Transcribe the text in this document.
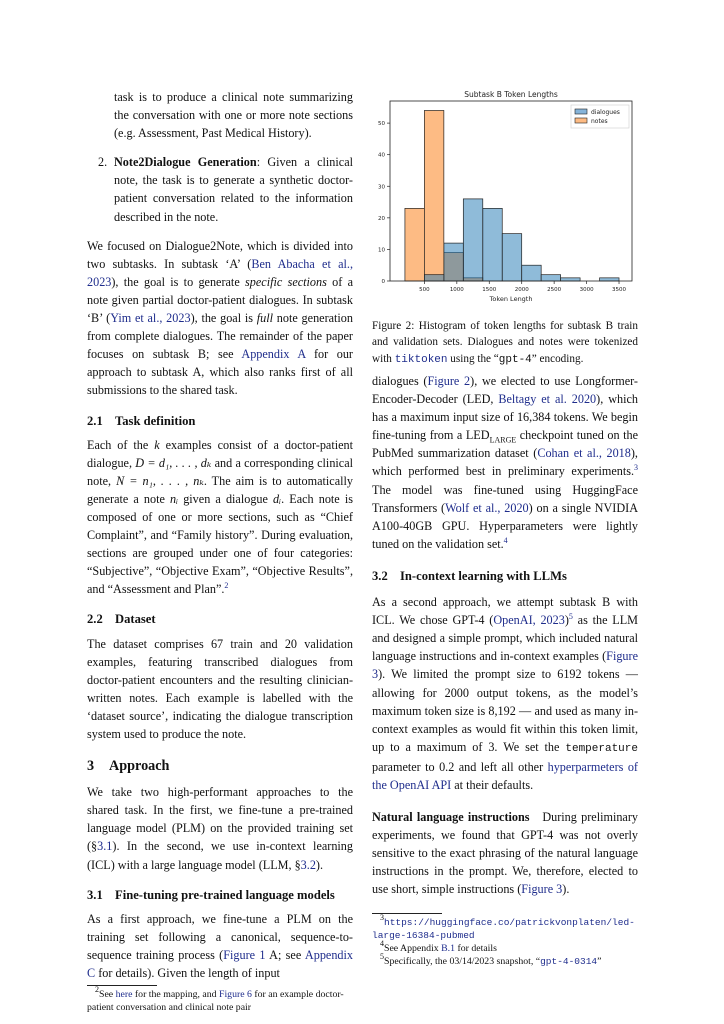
task is to produce a clinical note summarizing the conversation with one or more note sections (e.g. Assessment, Past Medical History).

2. Note2Dialogue Generation: Given a clinical note, the task is to generate a synthetic doctor-patient conversation related to the information described in the note.

We focused on Dialogue2Note, which is divided into two subtasks. In subtask ‘A’ (Ben Abacha et al., 2023), the goal is to generate specific sections of a note given partial doctor-patient dialogues. In subtask ‘B’ (Yim et al., 2023), the goal is full note generation from complete dialogues. The remainder of the paper focuses on subtask B; see Appendix A for our approach to subtask A, which also ranks first of all submissions to the shared task.

2.1 Task definition

Each of the k examples consist of a doctor-patient dialogue, D = d₁, . . . , dₖ and a corresponding clinical note, N = n₁, . . . , nₖ. The aim is to automatically generate a note nᵢ given a dialogue dᵢ. Each note is composed of one or more sections, such as “Chief Complaint”, and “Family history”. During evaluation, sections are grouped under one of four categories: “Subjective”, “Objective Exam”, “Objective Results”, and “Assessment and Plan”.$^2$

2.2 Dataset

The dataset comprises 67 train and 20 validation examples, featuring transcribed dialogues from doctor-patient encounters and the resulting clinician-written notes. Each example is labelled with the ‘dataset source’, indicating the dialogue transcription system used to produce the note.

3 Approach

We take two high-performant approaches to the shared task. In the first, we fine-tune a pre-trained language model (PLM) on the provided training set (§3.1). In the second, we use in-context learning (ICL) with a large language model (LLM, §3.2).

3.1 Fine-tuning pre-trained language models

As a first approach, we fine-tune a PLM on the training set following a canonical, sequence-to-sequence training process (Figure 1 A; see Appendix C for details). Given the length of input

$^2$See here for the mapping, and Figure 6 for an example doctor-patient conversation and clinical note pair

Subtask B Token Lengths
0
10
20
30
40
50
500	1000	1500	2000	2500	3000	3500
Token Length
dialogues
notes

Figure 2: Histogram of token lengths for subtask B train and validation sets. Dialogues and notes were tokenized with tiktoken using the “gpt-4” encoding.

dialogues (Figure 2), we elected to use Longformer-Encoder-Decoder (LED, Beltagy et al. 2020), which has a maximum input size of 16,384 tokens. We begin fine-tuning from a $LED_{LARGE}$ checkpoint tuned on the PubMed summarization dataset (Cohan et al., 2018), which performed best in preliminary experiments.$^3$ The model was fine-tuned using HuggingFace Transformers (Wolf et al., 2020) on a single NVIDIA A100-40GB GPU. Hyperparameters were lightly tuned on the validation set.$^4$

3.2 In-context learning with LLMs

As a second approach, we attempt subtask B with ICL. We chose GPT-4 (OpenAI, 2023)$^5$ as the LLM and designed a simple prompt, which included natural language instructions and in-context examples (Figure 3). We limited the prompt size to 6192 tokens — allowing for 2000 output tokens, as the model’s maximum token size is 8,192 — and used as many in-context examples as would fit within this token limit, up to a maximum of 3. We set the temperature parameter to 0.2 and left all other hyperparmeters of the OpenAI API at their defaults.

Natural language instructions During preliminary experiments, we found that GPT-4 was not overly sensitive to the exact phrasing of the natural language instructions in the prompt. We, therefore, elected to use short, simple instructions (Figure 3).

$^3$https://huggingface.co/patrickvonplaten/led-large-16384-pubmed

$^4$See Appendix B.1 for details

$^5$Specifically, the 03/14/2023 snapshot, “gpt-4-0314”
